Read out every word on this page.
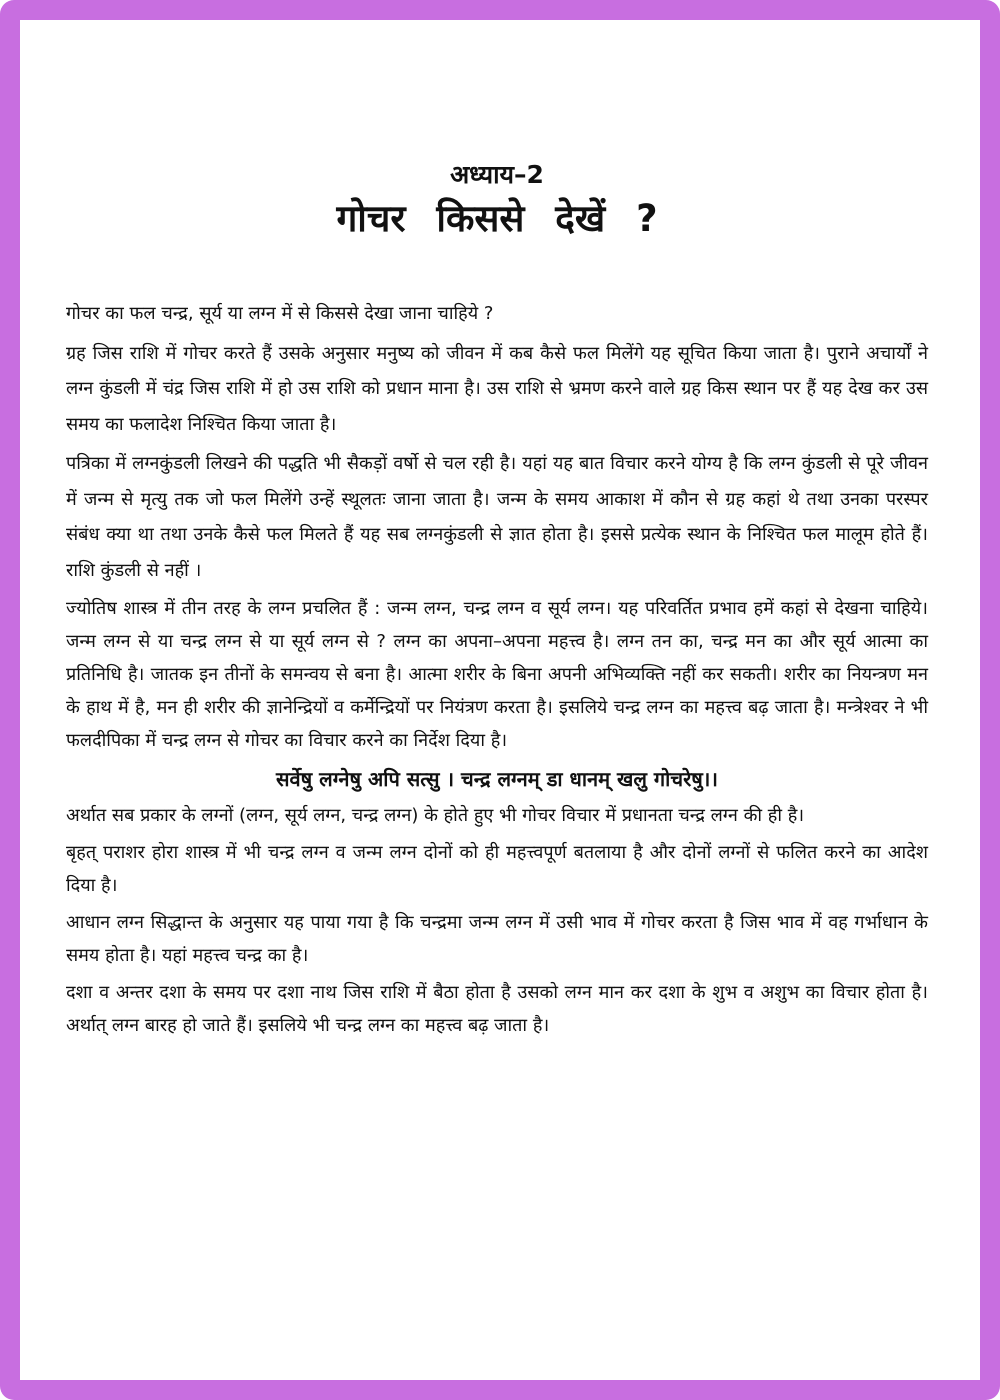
अध्याय–2
गोचर किससे देखें ?

गोचर का फल चन्द्र, सूर्य या लग्न में से किससे देखा जाना चाहिये ?

ग्रह जिस राशि में गोचर करते हैं उसके अनुसार मनुष्य को जीवन में कब कैसे फल मिलेंगे यह सूचित किया जाता है। पुराने अचार्यों ने लग्न कुंडली में चंद्र जिस राशि में हो उस राशि को प्रधान माना है। उस राशि से भ्रमण करने वाले ग्रह किस स्थान पर हैं यह देख कर उस समय का फलादेश निश्चित किया जाता है।

पत्रिका में लग्नकुंडली लिखने की पद्धति भी सैकड़ों वर्षो से चल रही है। यहां यह बात विचार करने योग्य है कि लग्न कुंडली से पूरे जीवन में जन्म से मृत्यु तक जो फल मिलेंगे उन्हें स्थूलतः जाना जाता है। जन्म के समय आकाश में कौन से ग्रह कहां थे तथा उनका परस्पर संबंध क्या था तथा उनके कैसे फल मिलते हैं यह सब लग्नकुंडली से ज्ञात होता है। इससे प्रत्येक स्थान के निश्चित फल मालूम होते हैं। राशि कुंडली से नहीं ।

ज्योतिष शास्त्र में तीन तरह के लग्न प्रचलित हैं : जन्म लग्न, चन्द्र लग्न व सूर्य लग्न। यह परिवर्तित प्रभाव हमें कहां से देखना चाहिये। जन्म लग्न से या चन्द्र लग्न से या सूर्य लग्न से ? लग्न का अपना–अपना महत्त्व है। लग्न तन का, चन्द्र मन का और सूर्य आत्मा का प्रतिनिधि है। जातक इन तीनों के समन्वय से बना है। आत्मा शरीर के बिना अपनी अभिव्यक्ति नहीं कर सकती। शरीर का नियन्त्रण मन के हाथ में है, मन ही शरीर की ज्ञानेन्द्रियों व कर्मेन्द्रियों पर नियंत्रण करता है। इसलिये चन्द्र लग्न का महत्त्व बढ़ जाता है। मन्त्रेश्वर ने भी फलदीपिका में चन्द्र लग्न से गोचर का विचार करने का निर्देश दिया है।

सर्वेषु लग्नेषु अपि सत्सु । चन्द्र लग्नम् डा धानम् खलु गोचरेषु।।

अर्थात सब प्रकार के लग्नों (लग्न, सूर्य लग्न, चन्द्र लग्न) के होते हुए भी गोचर विचार में प्रधानता चन्द्र लग्न की ही है।

बृहत् पराशर होरा शास्त्र में भी चन्द्र लग्न व जन्म लग्न दोनों को ही महत्त्वपूर्ण बतलाया है और दोनों लग्नों से फलित करने का आदेश दिया है।

आधान लग्न सिद्धान्त के अनुसार यह पाया गया है कि चन्द्रमा जन्म लग्न में उसी भाव में गोचर करता है जिस भाव में वह गर्भाधान के समय होता है। यहां महत्त्व चन्द्र का है।

दशा व अन्तर दशा के समय पर दशा नाथ जिस राशि में बैठा होता है उसको लग्न मान कर दशा के शुभ व अशुभ का विचार होता है। अर्थात् लग्न बारह हो जाते हैं। इसलिये भी चन्द्र लग्न का महत्त्व बढ़ जाता है।
